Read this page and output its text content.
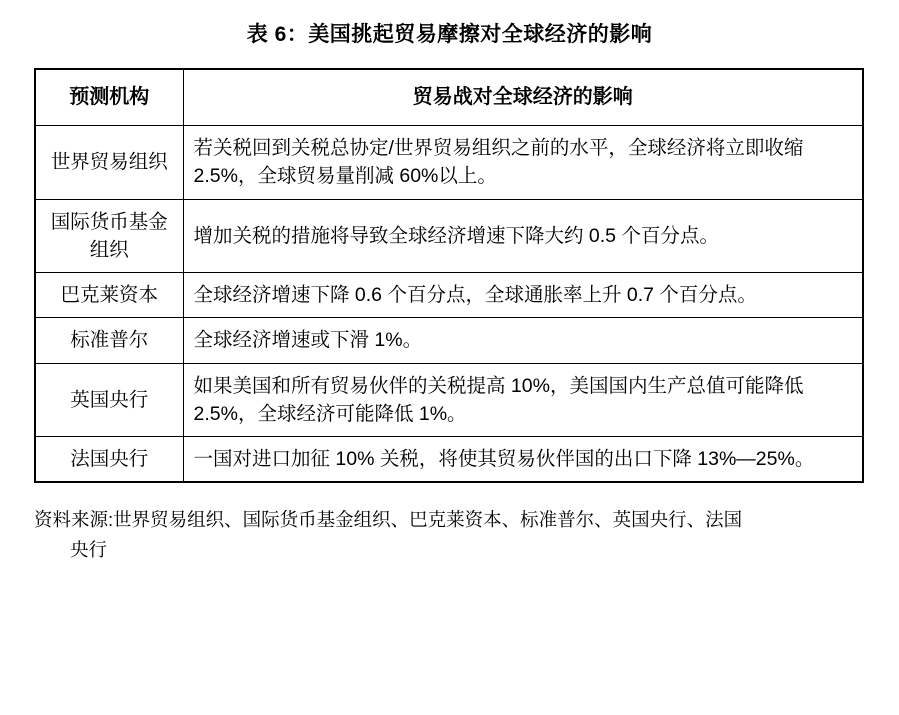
表 6：美国挑起贸易摩擦对全球经济的影响
预测机构	贸易战对全球经济的影响
世界贸易组织	若关税回到关税总协定/世界贸易组织之前的水平，全球经济将立即收缩 2.5%，全球贸易量削减 60%以上。
国际货币基金组织	增加关税的措施将导致全球经济增速下降大约 0.5 个百分点。
巴克莱资本	全球经济增速下降 0.6 个百分点，全球通胀率上升 0.7 个百分点。
标准普尔	全球经济增速或下滑 1%。
英国央行	如果美国和所有贸易伙伴的关税提高 10%，美国国内生产总值可能降低 2.5%，全球经济可能降低 1%。
法国央行	一国对进口加征 10% 关税，将使其贸易伙伴国的出口下降 13%—25%。
资料来源:世界贸易组织、国际货币基金组织、巴克莱资本、标准普尔、英国央行、法国
央行
